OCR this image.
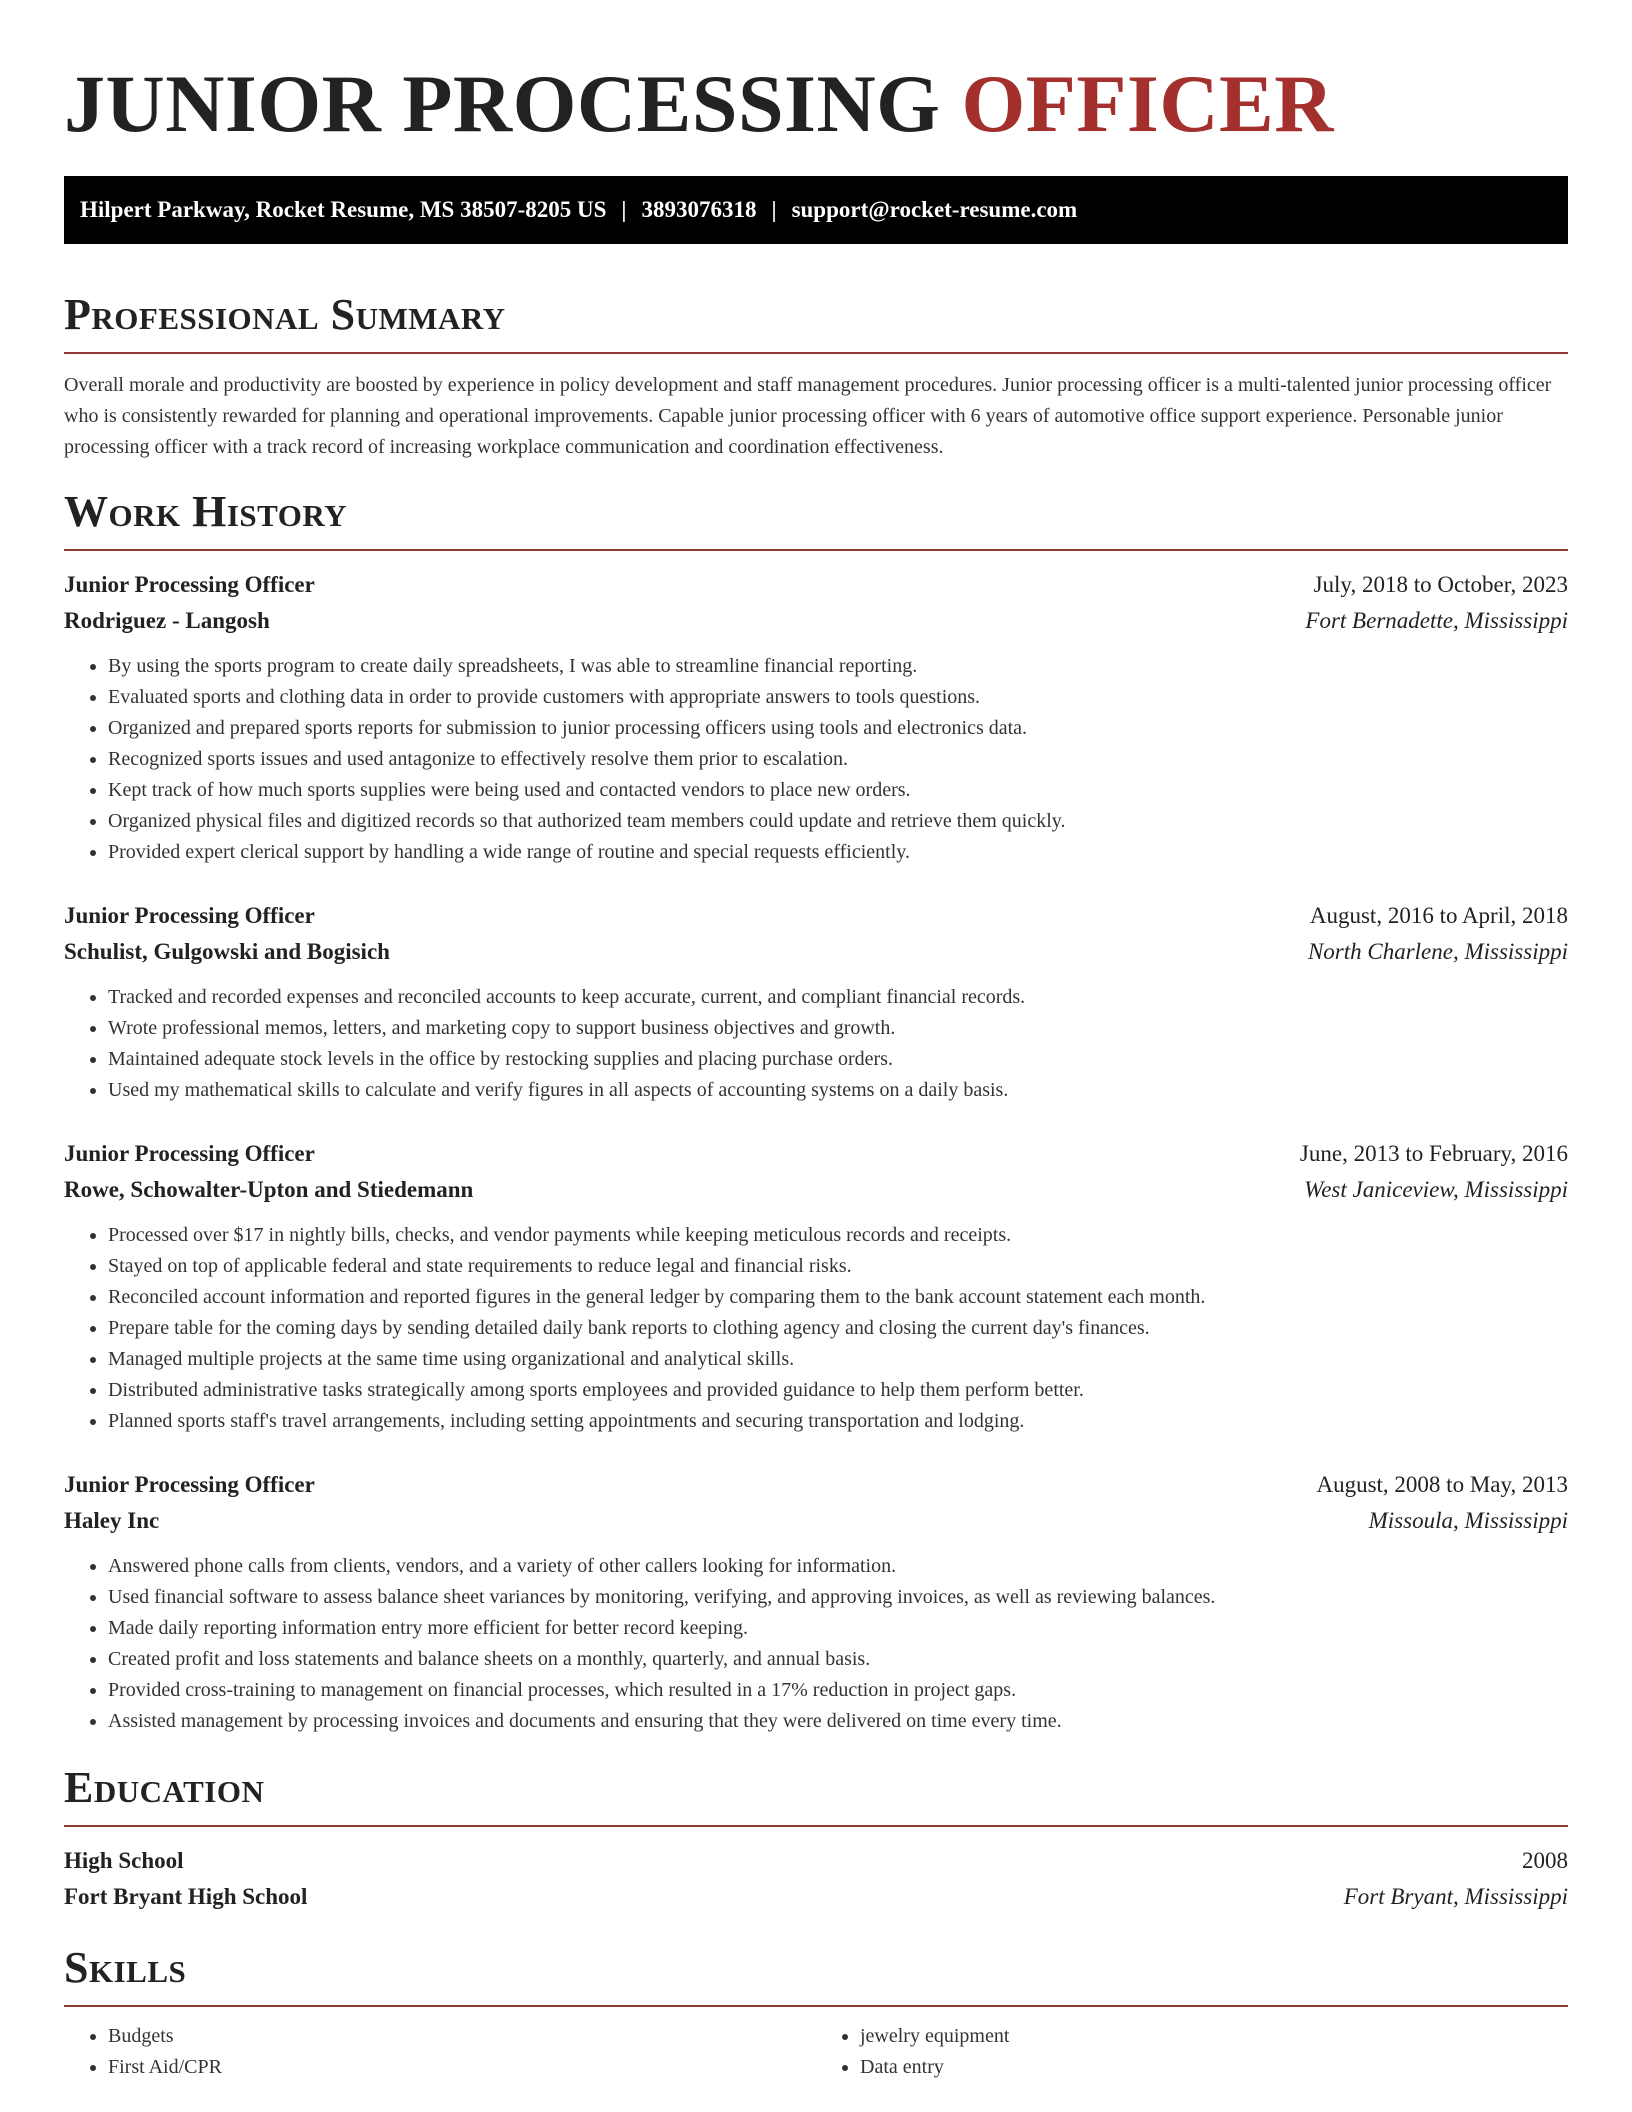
JUNIOR PROCESSING OFFICER
Hilpert Parkway, Rocket Resume, MS 38507-8205 US | 3893076318 | support@rocket-resume.com
Professional Summary

Overall morale and productivity are boosted by experience in policy development and staff management procedures. Junior processing officer is a multi-talented junior processing officer who is consistently rewarded for planning and operational improvements. Capable junior processing officer with 6 years of automotive office support experience. Personable junior processing officer with a track record of increasing workplace communication and coordination effectiveness.

Work History
Junior Processing Officer	July, 2018 to October, 2023
Rodriguez - Langosh	Fort Bernadette, Mississippi
• By using the sports program to create daily spreadsheets, I was able to streamline financial reporting.
• Evaluated sports and clothing data in order to provide customers with appropriate answers to tools questions.
• Organized and prepared sports reports for submission to junior processing officers using tools and electronics data.
• Recognized sports issues and used antagonize to effectively resolve them prior to escalation.
• Kept track of how much sports supplies were being used and contacted vendors to place new orders.
• Organized physical files and digitized records so that authorized team members could update and retrieve them quickly.
• Provided expert clerical support by handling a wide range of routine and special requests efficiently.
Junior Processing Officer	August, 2016 to April, 2018
Schulist, Gulgowski and Bogisich	North Charlene, Mississippi
• Tracked and recorded expenses and reconciled accounts to keep accurate, current, and compliant financial records.
• Wrote professional memos, letters, and marketing copy to support business objectives and growth.
• Maintained adequate stock levels in the office by restocking supplies and placing purchase orders.
• Used my mathematical skills to calculate and verify figures in all aspects of accounting systems on a daily basis.
Junior Processing Officer	June, 2013 to February, 2016
Rowe, Schowalter-Upton and Stiedemann	West Janiceview, Mississippi
• Processed over $17 in nightly bills, checks, and vendor payments while keeping meticulous records and receipts.
• Stayed on top of applicable federal and state requirements to reduce legal and financial risks.
• Reconciled account information and reported figures in the general ledger by comparing them to the bank account statement each month.
• Prepare table for the coming days by sending detailed daily bank reports to clothing agency and closing the current day's finances.
• Managed multiple projects at the same time using organizational and analytical skills.
• Distributed administrative tasks strategically among sports employees and provided guidance to help them perform better.
• Planned sports staff's travel arrangements, including setting appointments and securing transportation and lodging.
Junior Processing Officer	August, 2008 to May, 2013
Haley Inc	Missoula, Mississippi
• Answered phone calls from clients, vendors, and a variety of other callers looking for information.
• Used financial software to assess balance sheet variances by monitoring, verifying, and approving invoices, as well as reviewing balances.
• Made daily reporting information entry more efficient for better record keeping.
• Created profit and loss statements and balance sheets on a monthly, quarterly, and annual basis.
• Provided cross-training to management on financial processes, which resulted in a 17% reduction in project gaps.
• Assisted management by processing invoices and documents and ensuring that they were delivered on time every time.
Education
High School	2008
Fort Bryant High School	Fort Bryant, Mississippi
Skills
• Budgets
• First Aid/CPR
• jewelry equipment
• Data entry
